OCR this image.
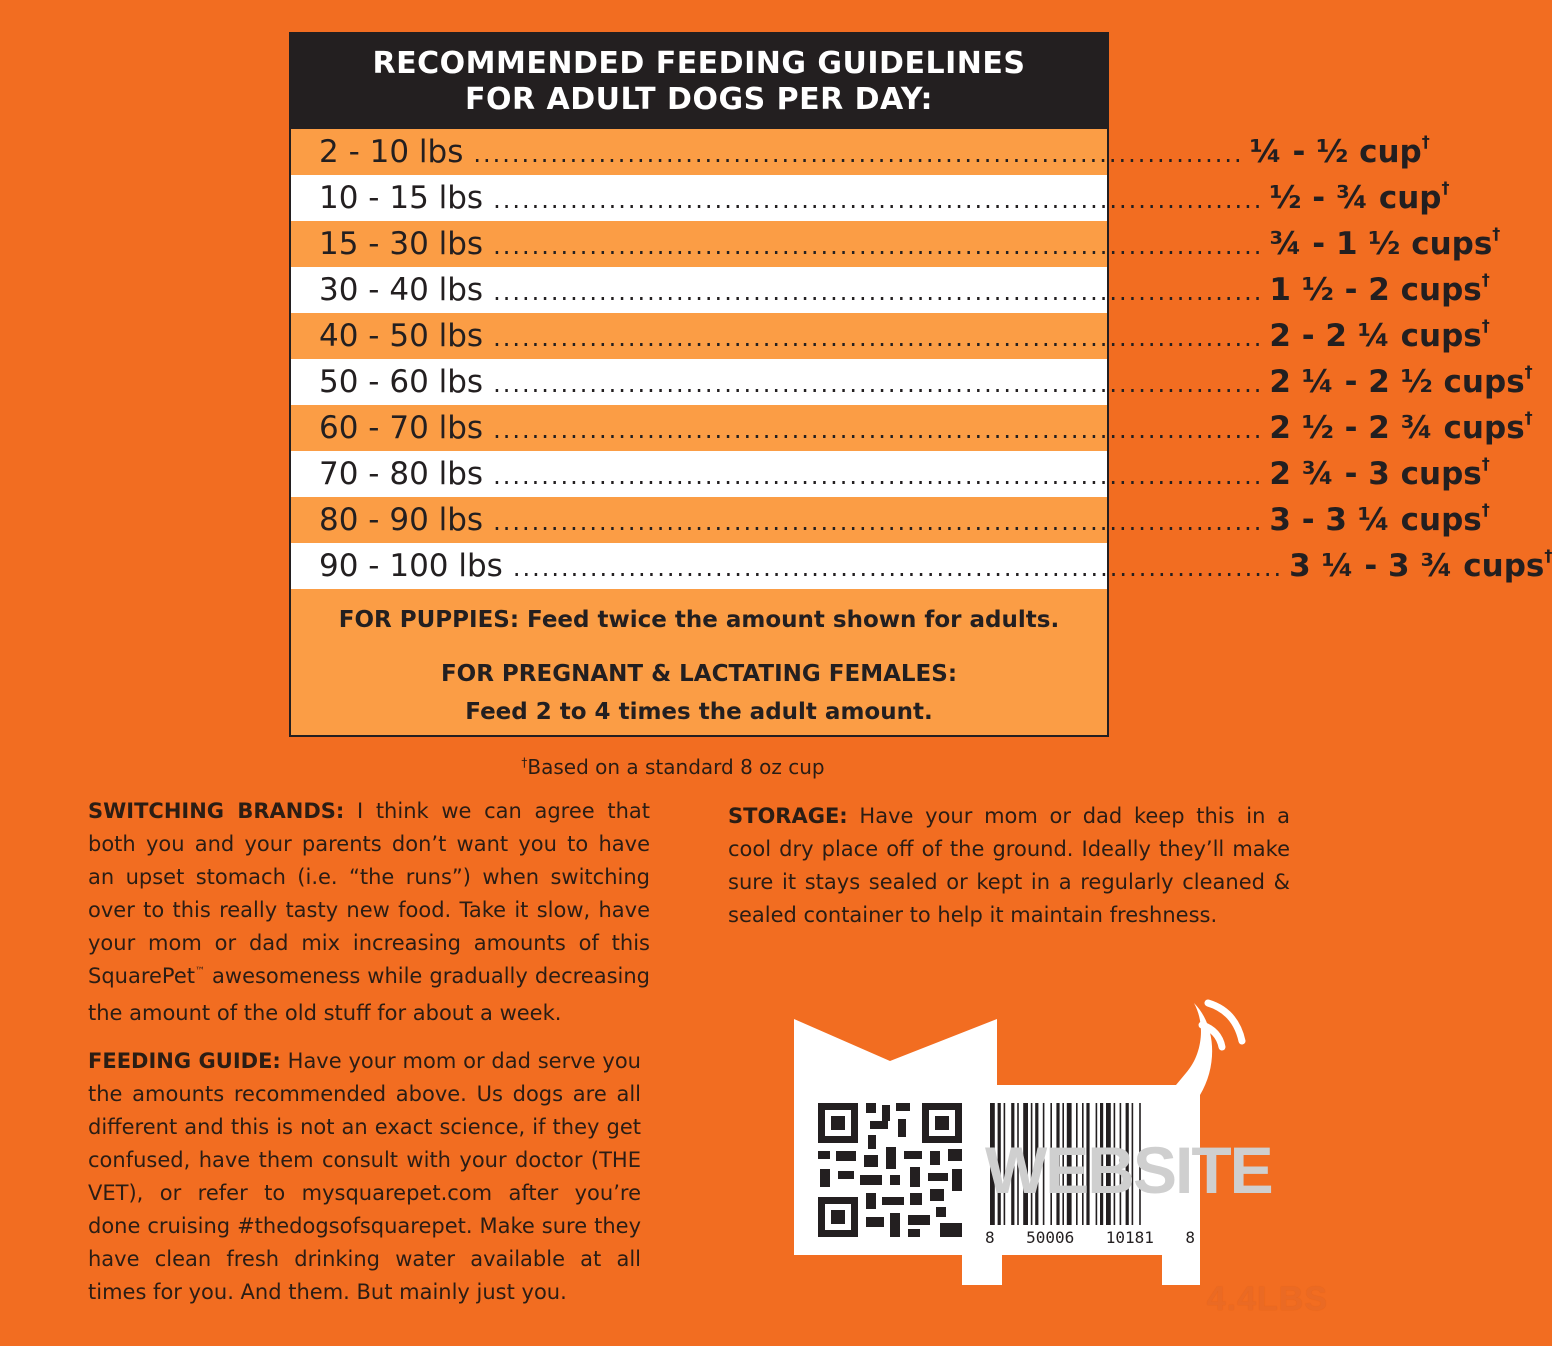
RECOMMENDED FEEDING GUIDELINES
FOR ADULT DOGS PER DAY:
2 - 10 lbs ................................................................................ ¼ - ½ cup†
10 - 15 lbs ................................................................................ ½ - ¾ cup†
15 - 30 lbs ................................................................................ ¾ - 1 ½ cups†
30 - 40 lbs ................................................................................ 1 ½ - 2 cups†
40 - 50 lbs ................................................................................ 2 - 2 ¼ cups†
50 - 60 lbs ................................................................................ 2 ¼ - 2 ½ cups†
60 - 70 lbs ................................................................................ 2 ½ - 2 ¾ cups†
70 - 80 lbs ................................................................................ 2 ¾ - 3 cups†
80 - 90 lbs ................................................................................ 3 - 3 ¼ cups†
90 - 100 lbs ................................................................................ 3 ¼ - 3 ¾ cups†
FOR PUPPIES: Feed twice the amount shown for adults.
FOR PREGNANT & LACTATING FEMALES:
Feed 2 to 4 times the adult amount.
†Based on a standard 8 oz cup
SWITCHING BRANDS: I think we can agree that both you and your parents don’t want you to have an upset stomach (i.e. “the runs”) when switching over to this really tasty new food. Take it slow, have your mom or dad mix increasing amounts of this SquarePet™ awesomeness while gradually decreasing the amount of the old stuff for about a week.
FEEDING GUIDE: Have your mom or dad serve you the amounts recommended above. Us dogs are all different and this is not an exact science, if they get confused, have them consult with your doctor (THE VET), or refer to mysquarepet.com after you’re done cruising #thedogsofsquarepet. Make sure they have clean fresh drinking water available at all times for you. And them. But mainly just you.
STORAGE: Have your mom or dad keep this in a cool dry place off of the ground. Ideally they’ll make sure it stays sealed or kept in a regularly cleaned & sealed container to help it maintain freshness.
WEBSITE
8 50006 10181 8
4.4LBS
